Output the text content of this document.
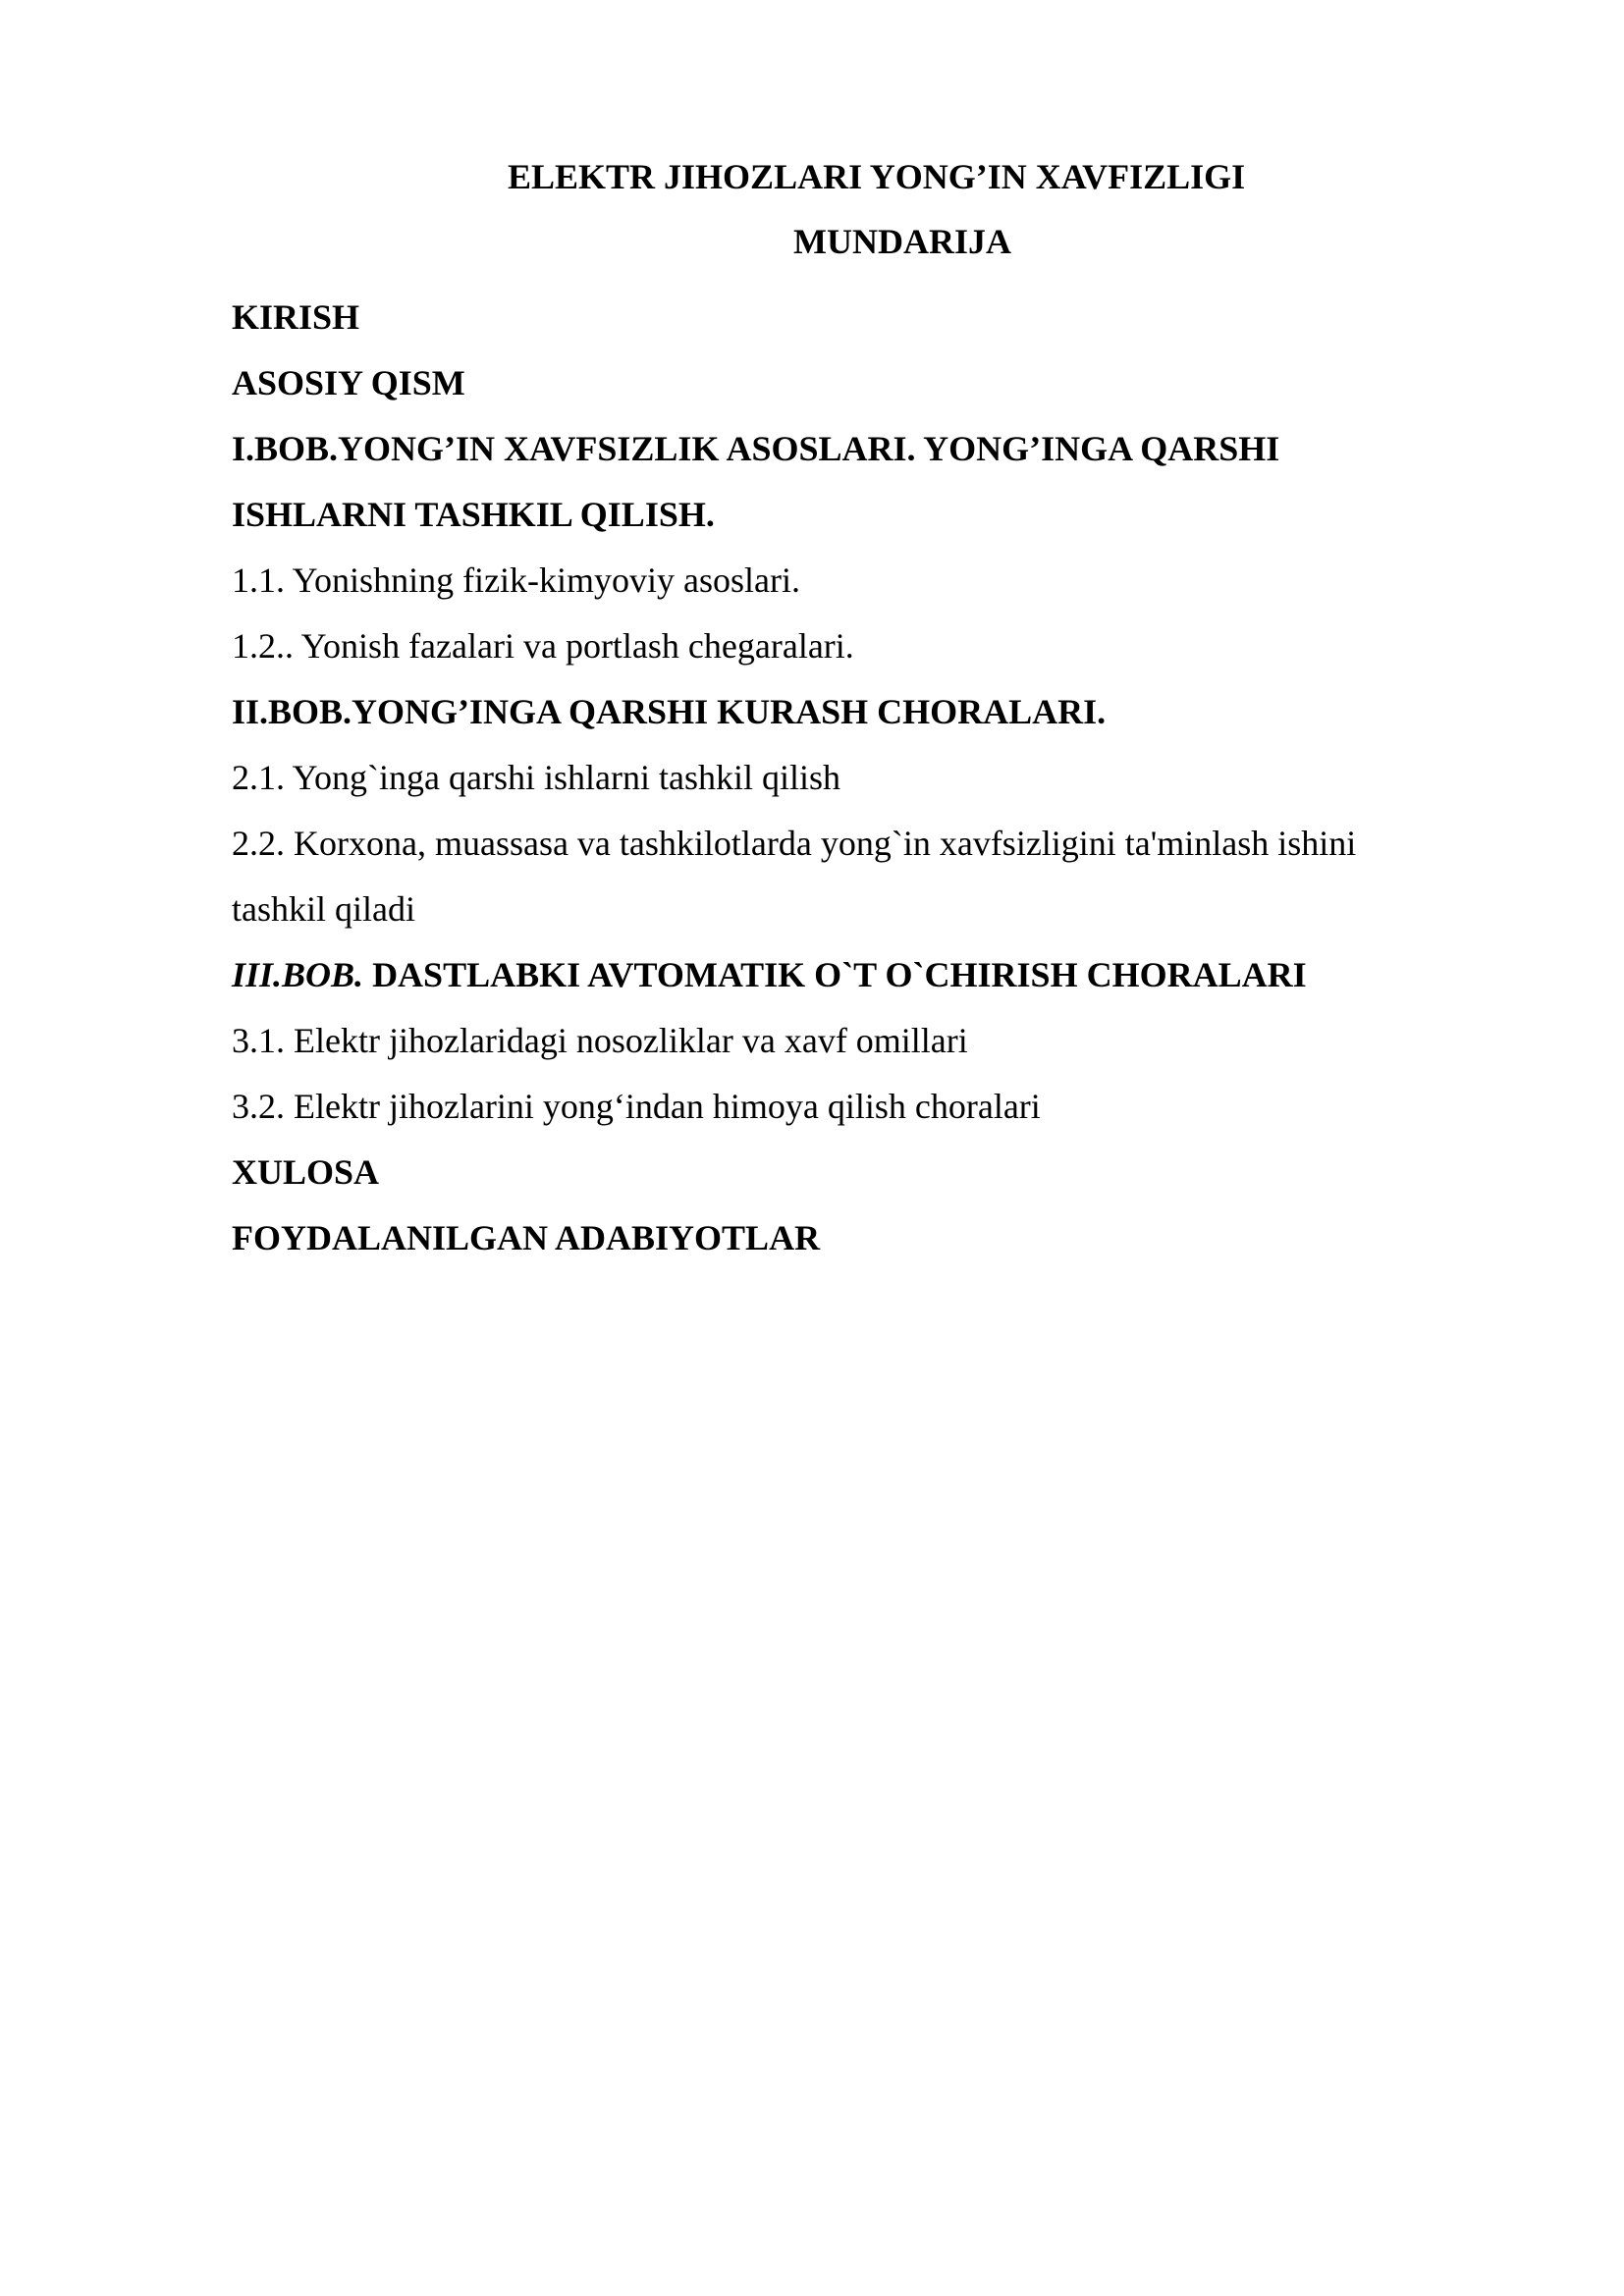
ELEKTR JIHOZLARI YONG’IN XAVFIZLIGI
MUNDARIJA
KIRISH
ASOSIY QISM
I.BOB.YONG’IN XAVFSIZLIK ASOSLARI. YONG’INGA QARSHI
ISHLARNI TASHKIL QILISH.
1.1. Yonishning fizik-kimyoviy asoslari.
1.2.. Yonish fazalari va portlash chegaralari.
II.BOB.YONG’INGA QARSHI KURASH CHORALARI.
2.1. Yong`inga qarshi ishlarni tashkil qilish
2.2. Korxona, muassasa va tashkilotlarda yong`in xavfsizligini ta'minlash ishini
tashkil qiladi
III.BOB. DASTLABKI AVTOMATIK O`T O`CHIRISH CHORALARI
3.1. Elektr jihozlaridagi nosozliklar va xavf omillari
3.2. Elektr jihozlarini yong‘indan himoya qilish choralari
XULOSA
FOYDALANILGAN ADABIYOTLAR
